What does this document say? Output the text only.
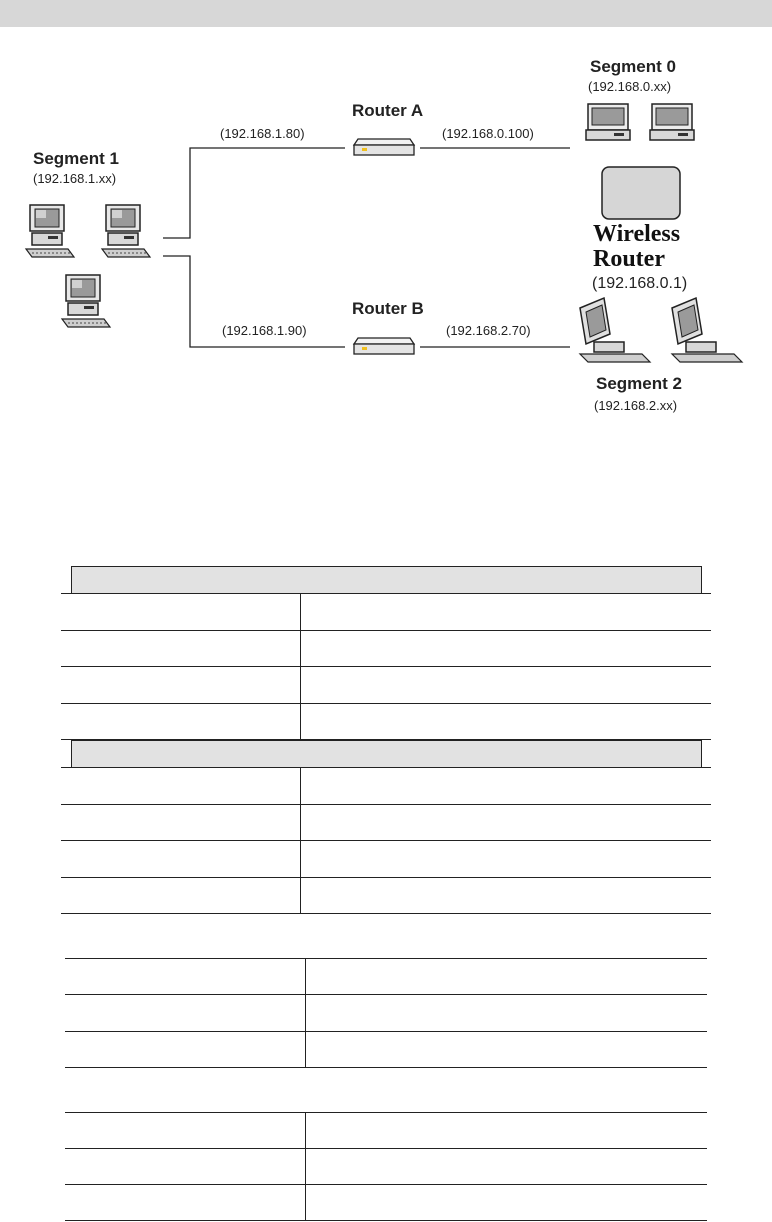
Segment 1
(192.168.1.xx)
Router A
(192.168.1.80)	(192.168.0.100)
Router B
(192.168.1.90)	(192.168.2.70)
Segment 0
(192.168.0.xx)
Wireless
Router
(192.168.0.1)
Segment 2
(192.168.2.xx)
